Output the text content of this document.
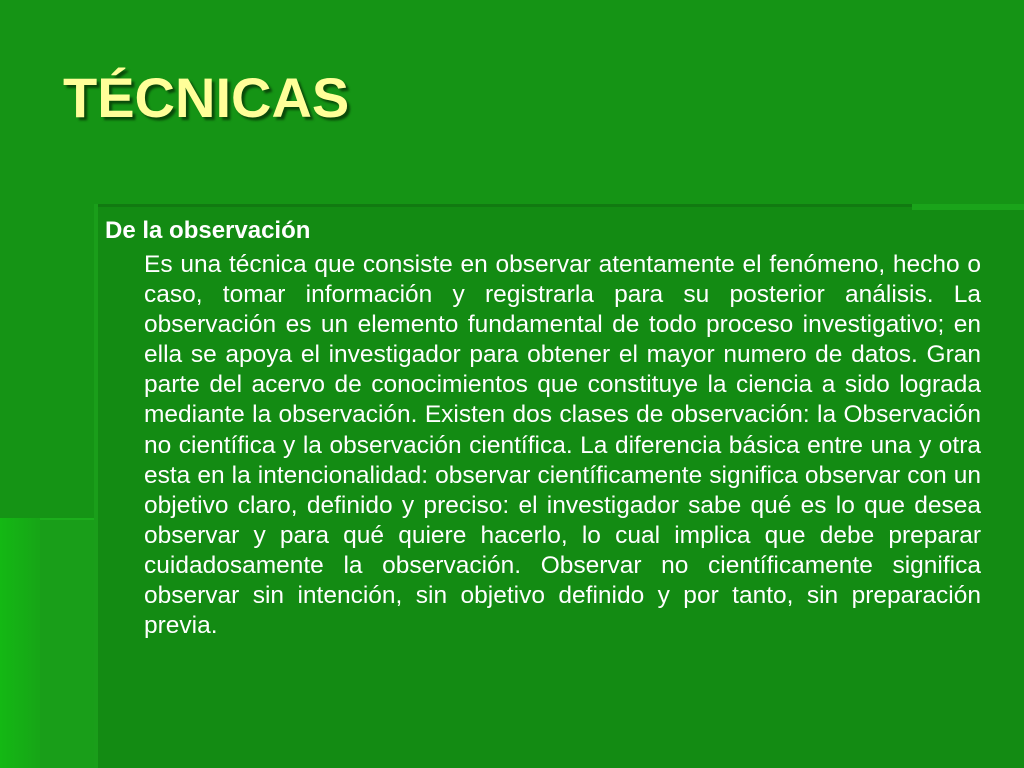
TÉCNICAS

De la observación

Es una técnica que consiste en observar atentamente el fenómeno, hecho o caso, tomar información y registrarla para su posterior análisis. La observación es un elemento fundamental de todo proceso investigativo; en ella se apoya el investigador para obtener el mayor numero de datos. Gran parte del acervo de conocimientos que constituye la ciencia a sido lograda mediante la observación. Existen dos clases de observación: la Observación no científica y la observación científica. La diferencia básica entre una y otra esta en la intencionalidad: observar científicamente significa observar con un objetivo claro, definido y preciso: el investigador sabe qué es lo que desea observar y para qué quiere hacerlo, lo cual implica que debe preparar cuidadosamente la observación. Observar no científicamente significa observar sin intención, sin objetivo definido y por tanto, sin preparación previa.
